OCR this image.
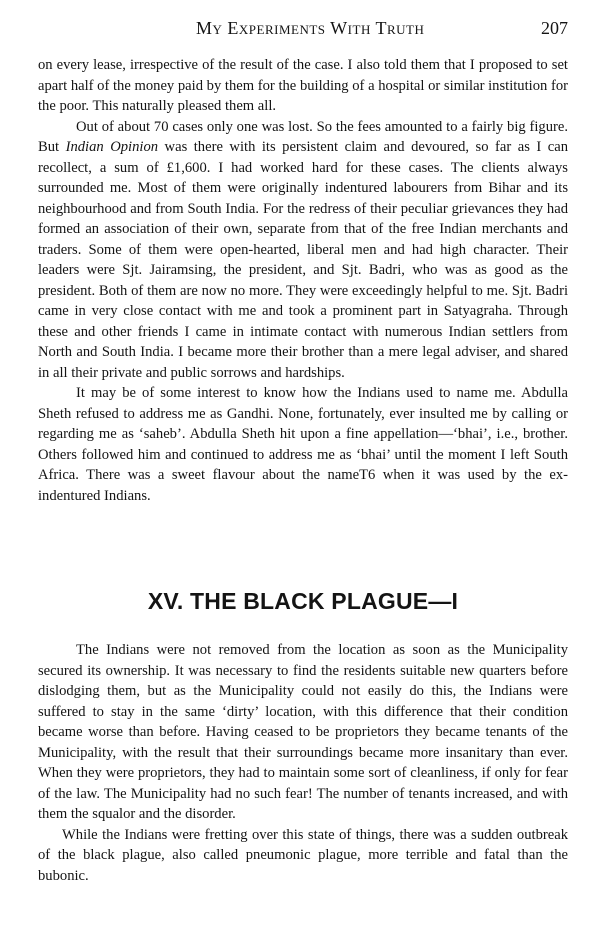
My Experiments With Truth	207

on every lease, irrespective of the result of the case. I also told them that I proposed to set apart half of the money paid by them for the building of a hospital or similar institution for the poor. This naturally pleased them all.

Out of about 70 cases only one was lost. So the fees amounted to a fairly big figure. But Indian Opinion was there with its persistent claim and devoured, so far as I can recollect, a sum of £1,600. I had worked hard for these cases. The clients always surrounded me. Most of them were originally indentured labourers from Bihar and its neighbourhood and from South India. For the redress of their peculiar grievances they had formed an association of their own, separate from that of the free Indian merchants and traders. Some of them were open-hearted, liberal men and had high character. Their leaders were Sjt. Jairamsing, the president, and Sjt. Badri, who was as good as the president. Both of them are now no more. They were exceedingly helpful to me. Sjt. Badri came in very close contact with me and took a prominent part in Satyagraha. Through these and other friends I came in intimate contact with numerous Indian settlers from North and South India. I became more their brother than a mere legal adviser, and shared in all their private and public sorrows and hardships.

It may be of some interest to know how the Indians used to name me. Abdulla Sheth refused to address me as Gandhi. None, fortunately, ever insulted me by calling or regarding me as ‘saheb’. Abdulla Sheth hit upon a fine appellation—‘bhai’, i.e., brother. Others followed him and continued to address me as ‘bhai’ until the moment I left South Africa. There was a sweet flavour about the nameT6 when it was used by the ex-indentured Indians.

XV. THE BLACK PLAGUE—I

The Indians were not removed from the location as soon as the Municipality secured its ownership. It was necessary to find the residents suitable new quarters before dislodging them, but as the Municipality could not easily do this, the Indians were suffered to stay in the same ‘dirty’ location, with this difference that their condition became worse than before. Having ceased to be proprietors they became tenants of the Municipality, with the result that their surroundings became more insanitary than ever. When they were proprietors, they had to maintain some sort of cleanliness, if only for fear of the law. The Municipality had no such fear! The number of tenants increased, and with them the squalor and the disorder.

While the Indians were fretting over this state of things, there was a sudden outbreak of the black plague, also called pneumonic plague, more terrible and fatal than the bubonic.
